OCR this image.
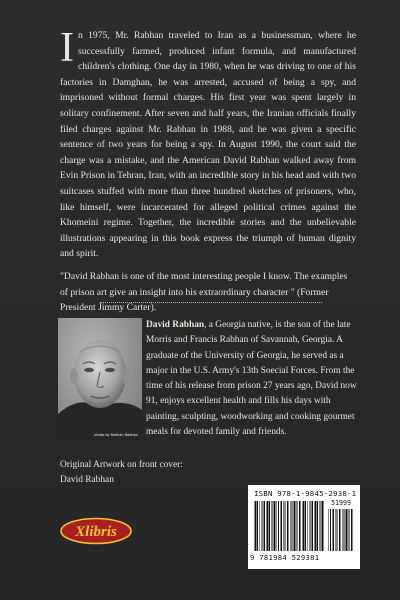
In 1975, Mr. Rabhan traveled to Iran as a businessman, where he successfully farmed, produced infant formula, and manufactured children's clothing. One day in 1980, when he was driving to one of his factories in Damghan, he was arrested, accused of being a spy, and imprisoned without formal charges. His first year was spent largely in solitary confinement. After seven and half years, the Iranian officials finally filed charges against Mr. Rabhan in 1988, and he was given a specific sentence of two years for being a spy. In August 1990, the court said the charge was a mistake, and the American David Rabhan walked away from Evin Prison in Tehran, Iran, with an incredible story in his head and with two suitcases stuffed with more than three hundred sketches of prisoners, who, like himself, were incarcerated for alleged political crimes against the Khomeini regime. Together, the incredible stories and the unbelievable illustrations appearing in this book express the triumph of human dignity and spirit.

"David Rabhan is one of the most interesting people I know. The examples of prison art give an insight into his extraordinary character " (Former President Jimmy Carter).

photo by Nathan Rabhan

David Rabhan, a Georgia native, is the son of the late Morris and Francis Rabhan of Savannah, Georgia. A graduate of the University of Georgia, he served as a major in the U.S. Army's 13th Soecial Forces. From the time of his release from prison 27 years ago, David now 91, enjoys excellent health and fills his days with painting, sculpting, woodworking and cooking gourmet meals for devoted family and friends.

Original Artwork on front cover:
David Rabhan

Xlibris
ISBN 978-1-9845-2938-1
51999
9 781984 529381
